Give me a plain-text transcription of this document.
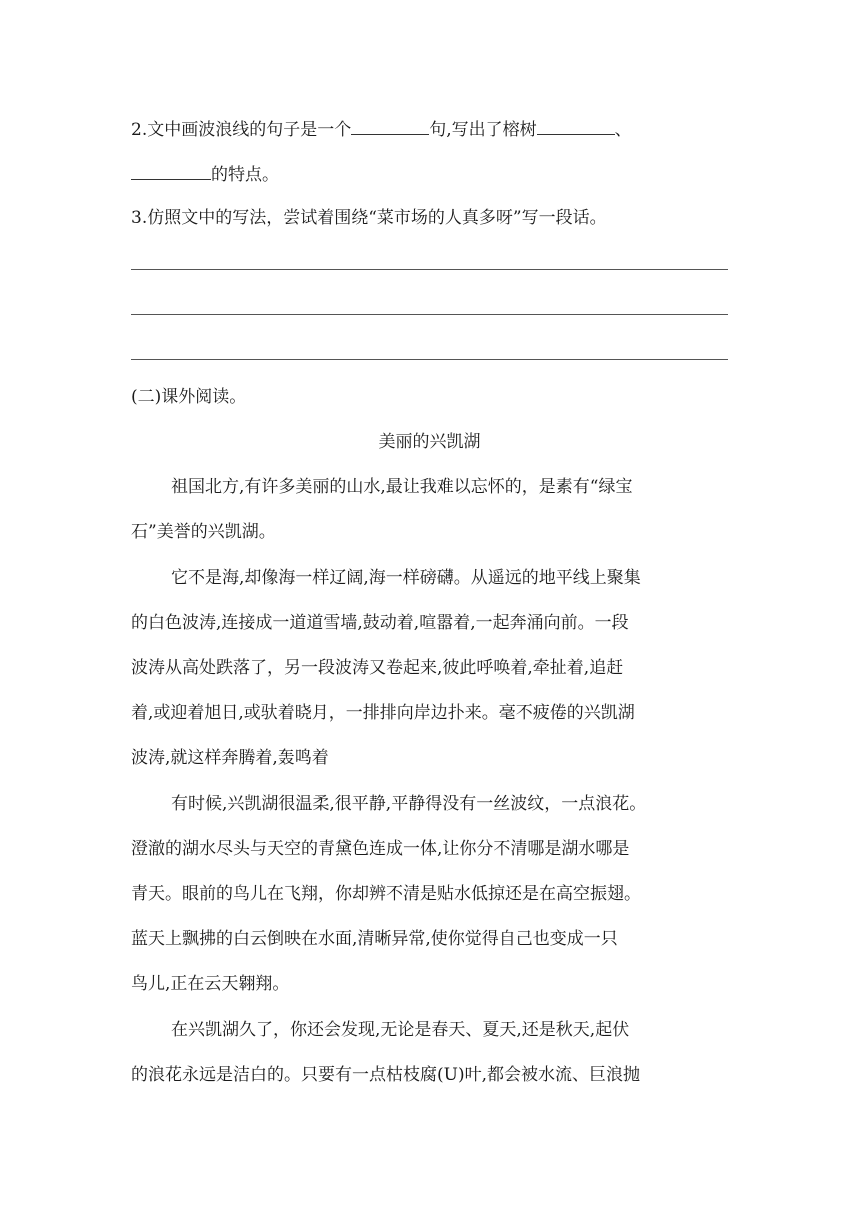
2.文中画波浪线的句子是一个	句,写出了榕树	、
的特点。
3.仿照文中的写法，尝试着围绕“菜市场的人真多呀”写一段话。
(二)课外阅读。
美丽的兴凯湖
祖国北方,有许多美丽的山水,最让我难以忘怀的，是素有“绿宝
石”美誉的兴凯湖。
它不是海,却像海一样辽阔,海一样磅礴。从遥远的地平线上聚集
的白色波涛,连接成一道道雪墙,鼓动着,喧嚣着,一起奔涌向前。一段
波涛从高处跌落了，另一段波涛又卷起来,彼此呼唤着,牵扯着,追赶
着,或迎着旭日,或驮着晓月，一排排向岸边扑来。毫不疲倦的兴凯湖
波涛,就这样奔腾着,轰鸣着
有时候,兴凯湖很温柔,很平静,平静得没有一丝波纹，一点浪花。
澄澈的湖水尽头与天空的青黛色连成一体,让你分不清哪是湖水哪是
青天。眼前的鸟儿在飞翔，你却辨不清是贴水低掠还是在高空振翅。
蓝天上飘拂的白云倒映在水面,清晰异常,使你觉得自己也变成一只
鸟儿,正在云天翱翔。
在兴凯湖久了，你还会发现,无论是春天、夏天,还是秋天,起伏
的浪花永远是洁白的。只要有一点枯枝腐(U)叶,都会被水流、巨浪抛
